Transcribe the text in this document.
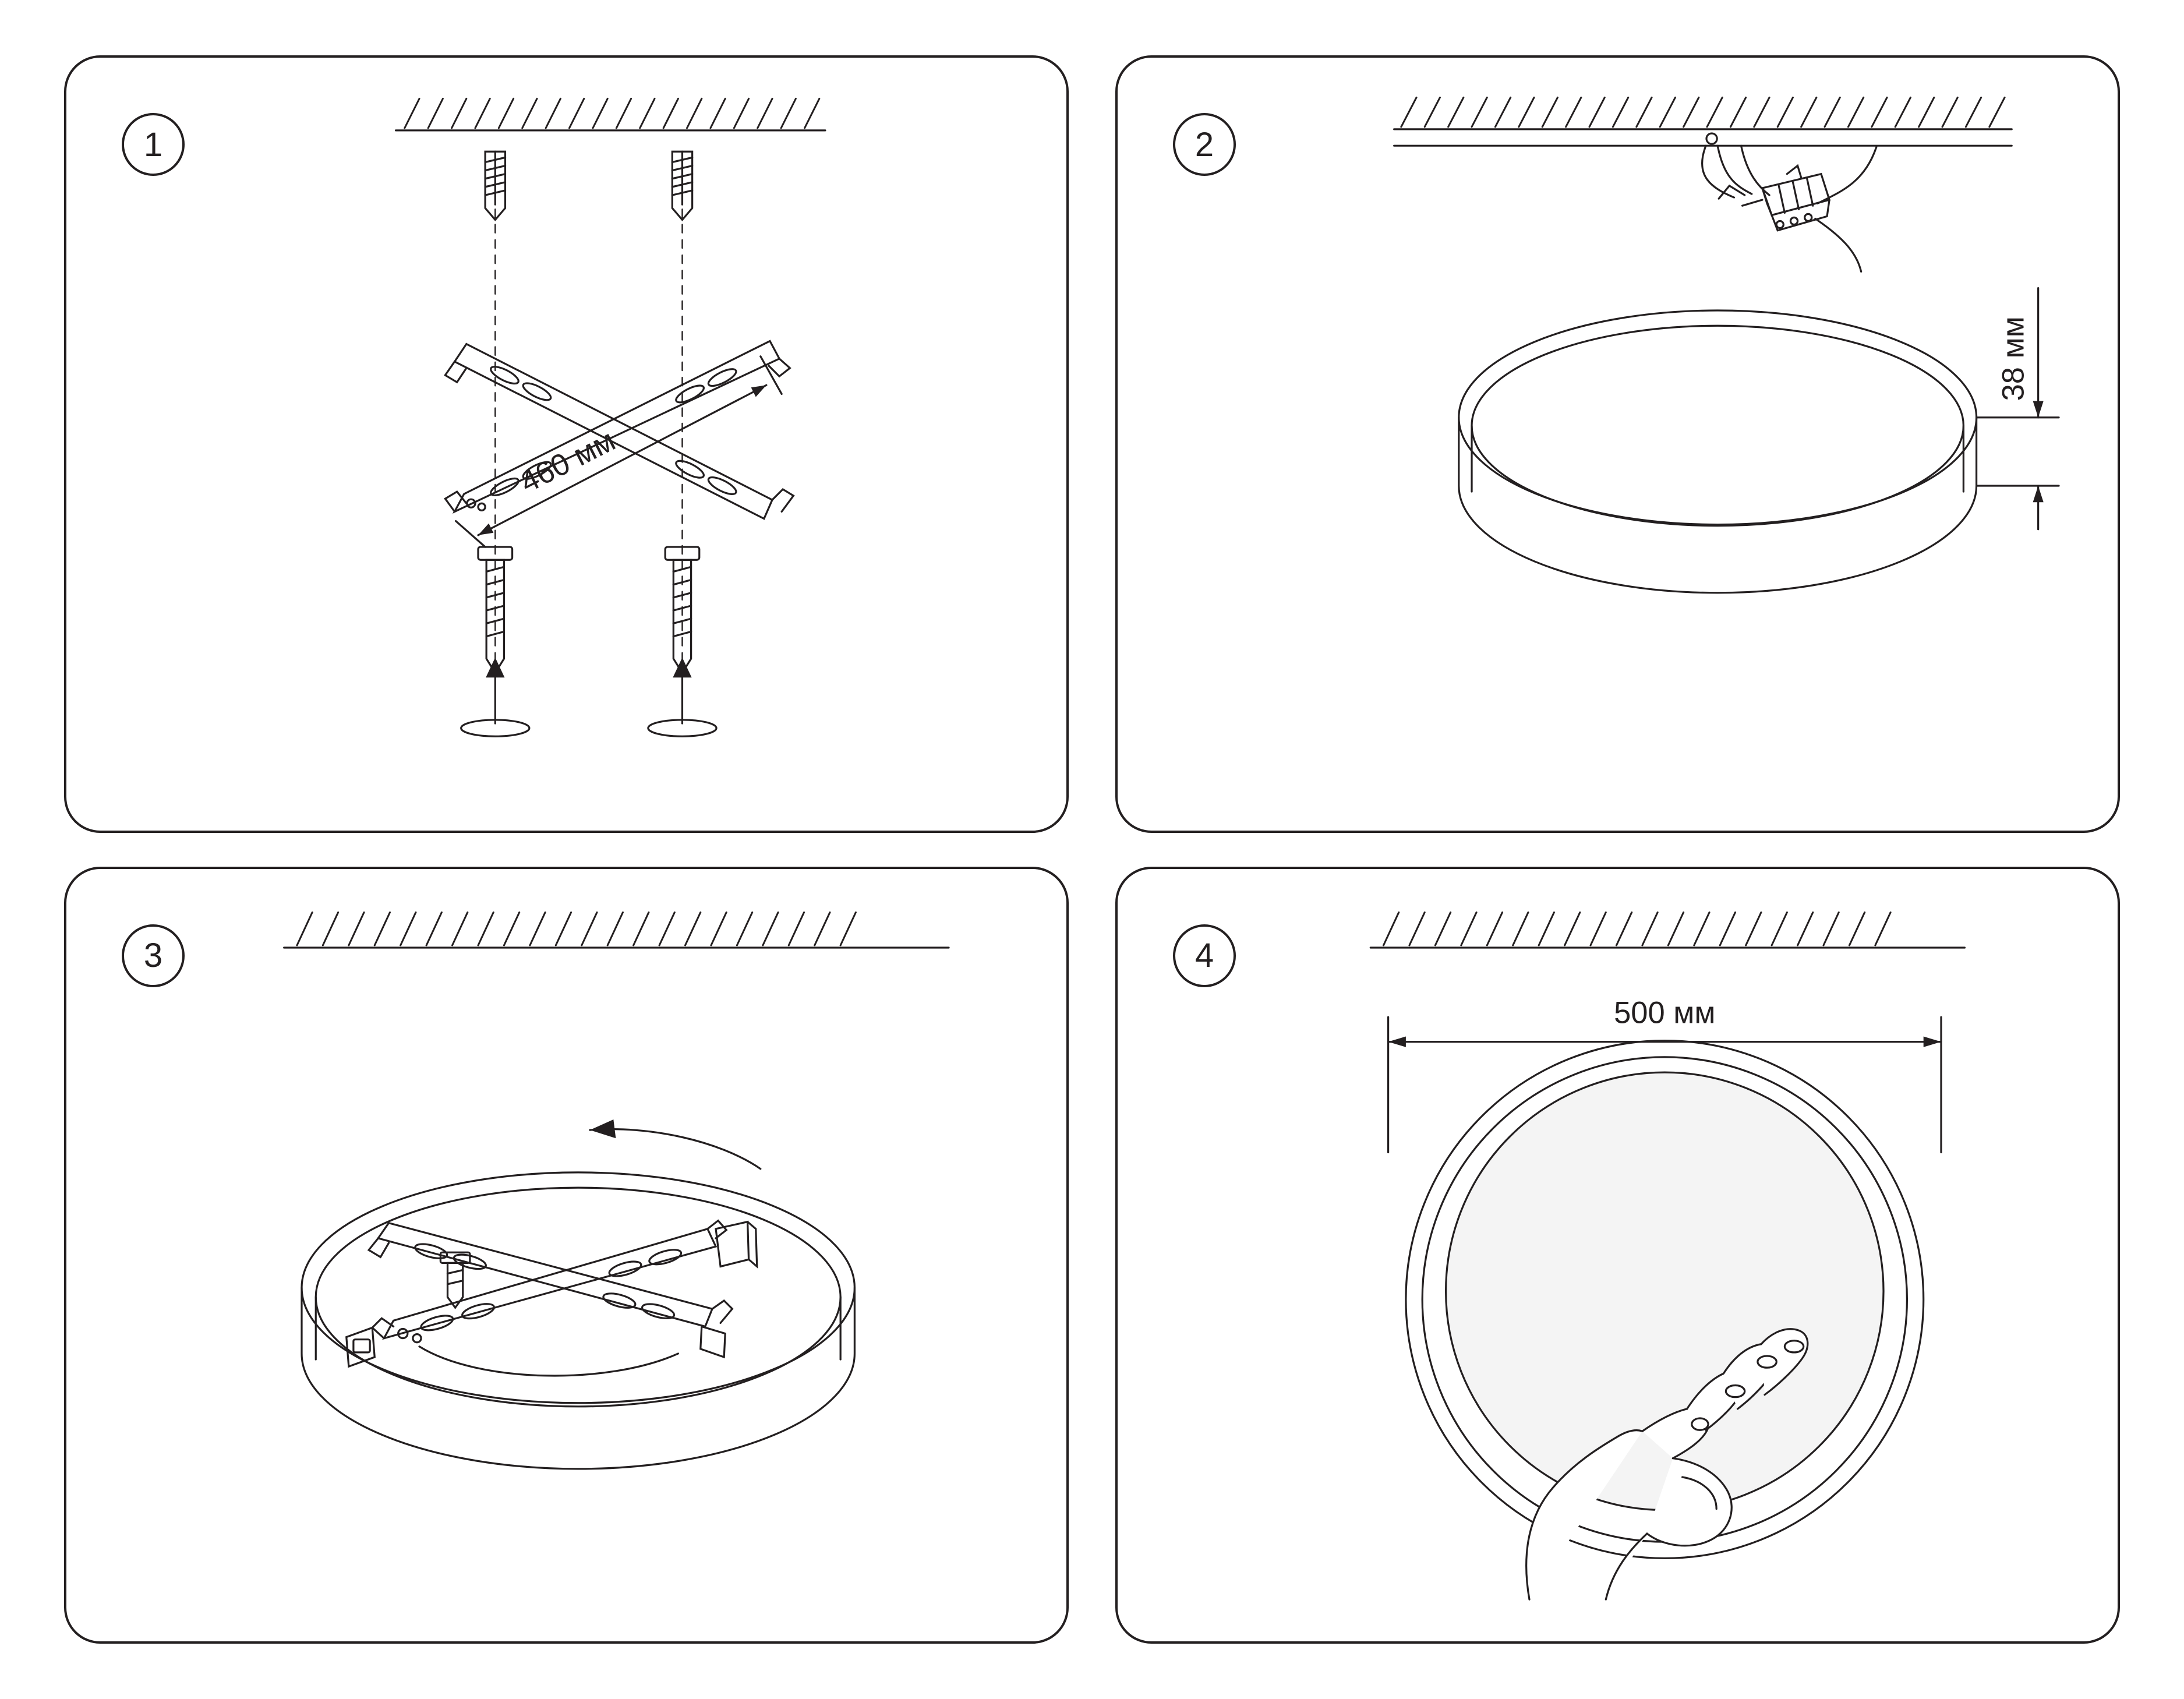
1
460 мм
2
38 мм
3	4
500 мм
